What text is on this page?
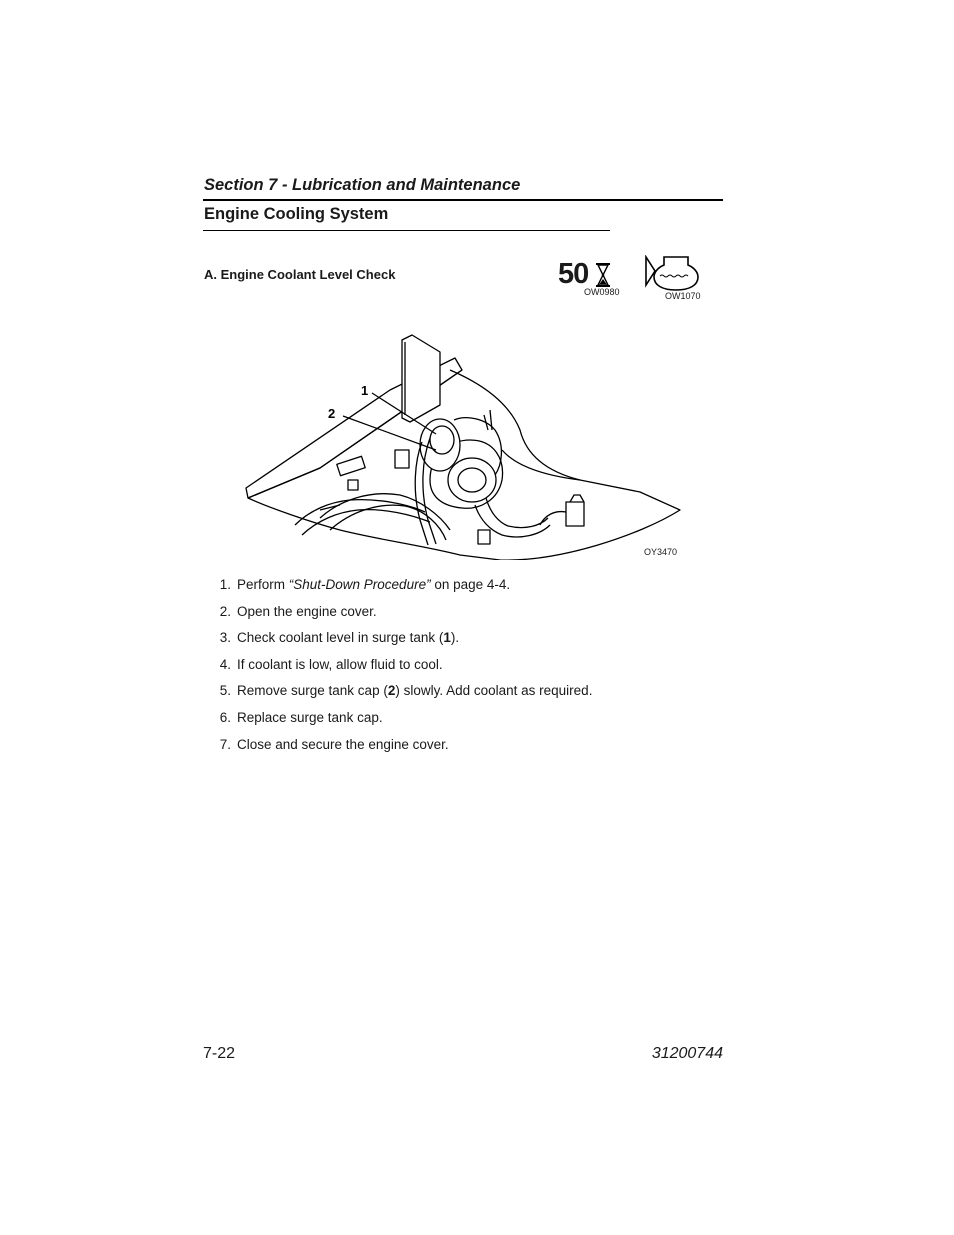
Section 7 - Lubrication and Maintenance
Engine Cooling System
A. Engine Coolant Level Check	50
OW0980	OW1070
1
2
OY3470
1. Perform “Shut-Down Procedure” on page 4-4.
2. Open the engine cover.
3. Check coolant level in surge tank (1).
4. If coolant is low, allow fluid to cool.
5. Remove surge tank cap (2) slowly. Add coolant as required.
6. Replace surge tank cap.
7. Close and secure the engine cover.
7-22	31200744
